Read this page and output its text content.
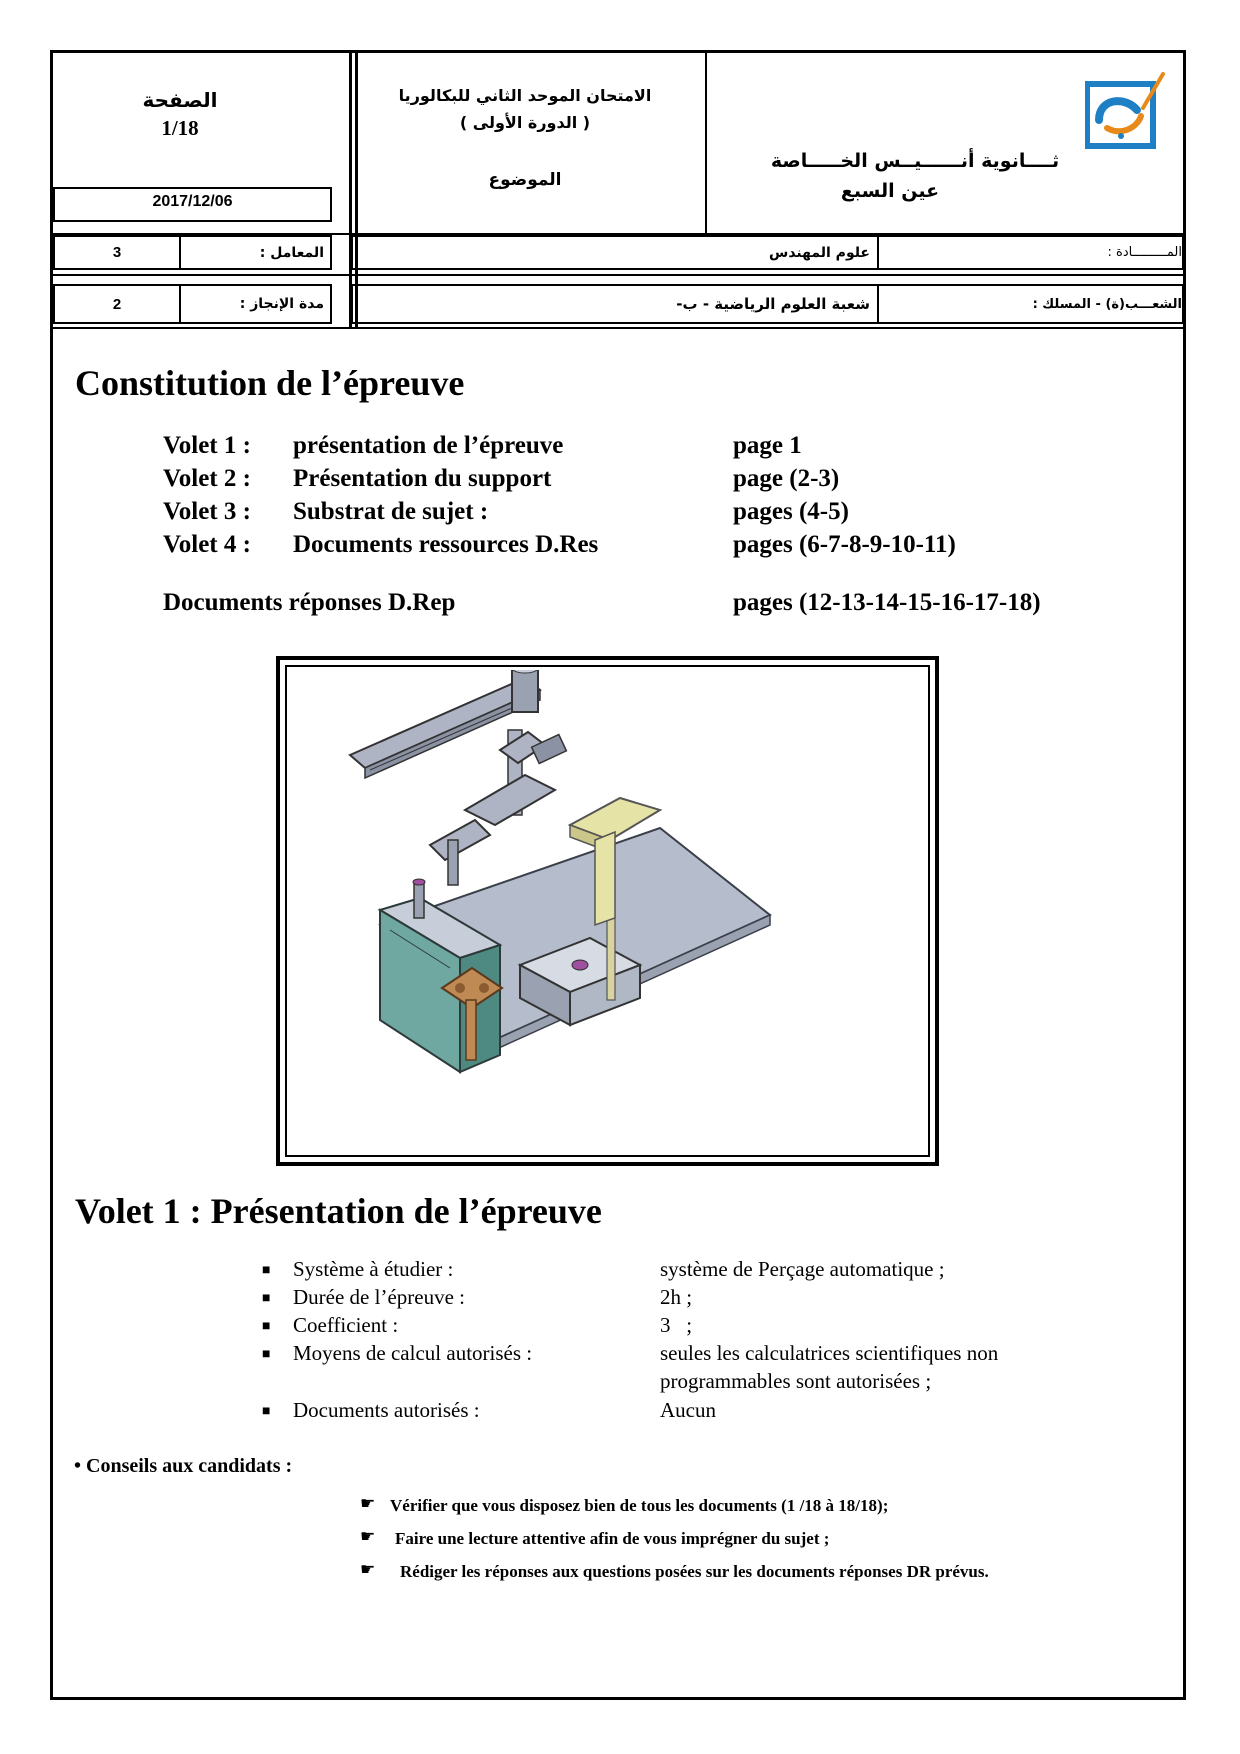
الصفحة
1/18
2017/12/06
الامتحان الموحد الثاني للبكالوريا
( الدورة الأولى )
الموضوع
ثــــانوية أنــــــيــس الخـــــاصة
عين السبع
3	المعامل :	علوم المهندس	المـــــــــادة :
2	مدة الإنجاز :	شعبة العلوم الرياضية - ب-	الشعـــب(ة) - المسلك :
Constitution de l’épreuve
Volet 1 : présentation de l’épreuve	page 1
Volet 2 : Présentation du support	page (2-3)
Volet 3 : Substrat de sujet :	pages (4-5)
Volet 4 : Documents ressources D.Res	pages (6-7-8-9-10-11)
Documents réponses D.Rep	pages (12-13-14-15-16-17-18)
Volet 1 : Présentation de l’épreuve
■ Système à étudier :	système de Perçage automatique ;
■ Durée de l’épreuve :	2h ;
■ Coefficient :	3   ;
■ Moyens de calcul autorisés :	seules les calculatrices scientifiques non
programmables sont autorisées ;
■ Documents autorisés :	Aucun
• Conseils aux candidats :
☛ Vérifier que vous disposez bien de tous les documents (1 /18 à 18/18);
☛ Faire une lecture attentive afin de vous imprégner du sujet ;
☛ Rédiger les réponses aux questions posées sur les documents réponses DR prévus.
